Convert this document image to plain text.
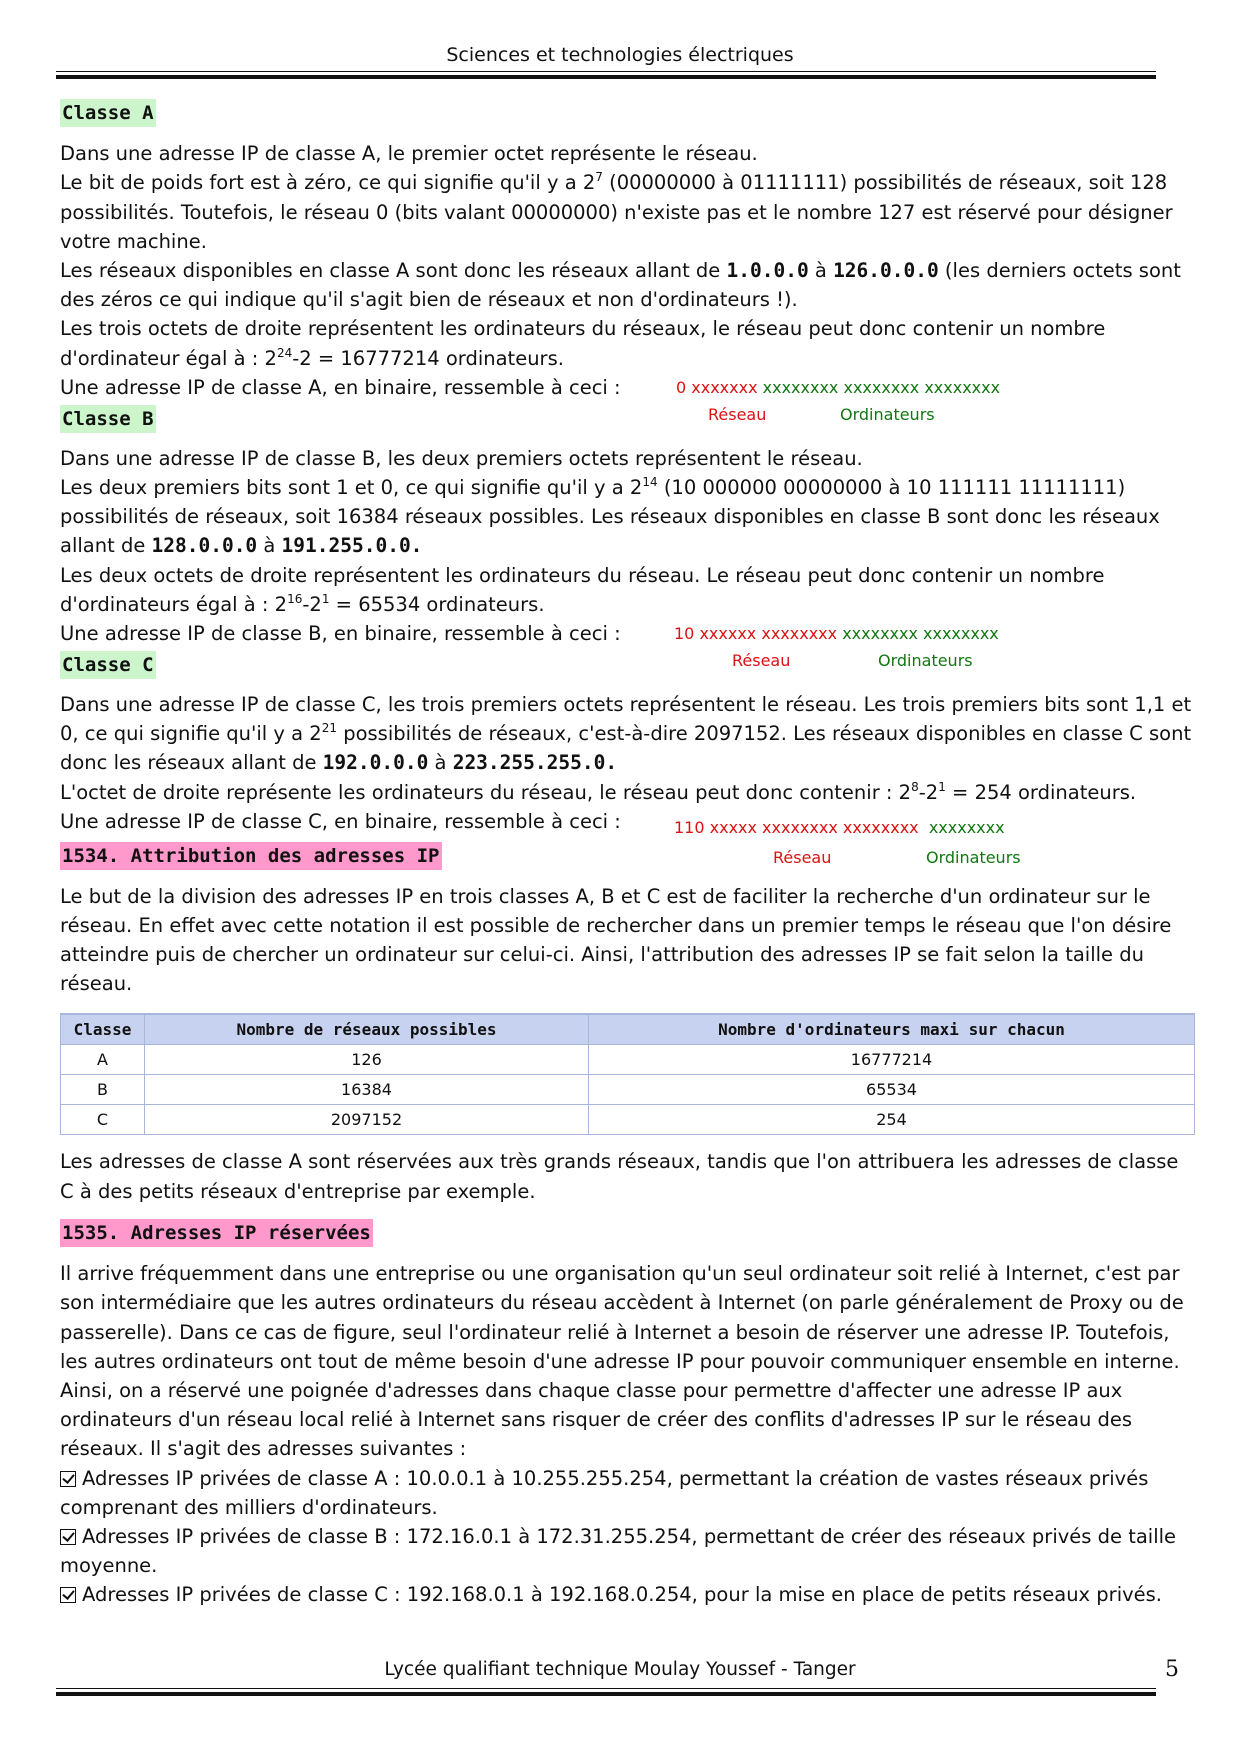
Sciences et technologies électriques
Classe A

Dans une adresse IP de classe A, le premier octet représente le réseau.

Le bit de poids fort est à zéro, ce qui signifie qu'il y a $2^7$ (00000000 à 01111111) possibilités de réseaux, soit 128 possibilités. Toutefois, le réseau 0 (bits valant 00000000) n'existe pas et le nombre 127 est réservé pour désigner votre machine.

Les réseaux disponibles en classe A sont donc les réseaux allant de 1.0.0.0 à 126.0.0.0 (les derniers octets sont des zéros ce qui indique qu'il s'agit bien de réseaux et non d'ordinateurs !).

Les trois octets de droite représentent les ordinateurs du réseaux, le réseau peut donc contenir un nombre d'ordinateur égal à : $2^{24}-2 = 16777214$ ordinateurs.

Une adresse IP de classe A, en binaire, ressemble à ceci :	0 xxxxxxx xxxxxxxx xxxxxxxx xxxxxxxx
Classe B	Réseau	Ordinateurs

Dans une adresse IP de classe B, les deux premiers octets représentent le réseau.

Les deux premiers bits sont 1 et 0, ce qui signifie qu'il y a $2^{14}$ (10 000000 00000000 à 10 111111 11111111) possibilités de réseaux, soit 16384 réseaux possibles. Les réseaux disponibles en classe B sont donc les réseaux allant de 128.0.0.0 à 191.255.0.0.

Les deux octets de droite représentent les ordinateurs du réseau. Le réseau peut donc contenir un nombre d'ordinateurs égal à : $2^{16}-2^1 = 65534$ ordinateurs.

Une adresse IP de classe B, en binaire, ressemble à ceci :	10 xxxxxx xxxxxxxx xxxxxxxx xxxxxxxx
Classe C	Réseau	Ordinateurs

Dans une adresse IP de classe C, les trois premiers octets représentent le réseau. Les trois premiers bits sont 1,1 et 0, ce qui signifie qu'il y a $2^{21}$ possibilités de réseaux, c'est-à-dire 2097152. Les réseaux disponibles en classe C sont donc les réseaux allant de 192.0.0.0 à 223.255.255.0.

L'octet de droite représente les ordinateurs du réseau, le réseau peut donc contenir : $2^8-2^1 = 254$ ordinateurs.

Une adresse IP de classe C, en binaire, ressemble à ceci :	110 xxxxx xxxxxxxx xxxxxxxx xxxxxxxx
1534. Attribution des adresses IP	Réseau	Ordinateurs

Le but de la division des adresses IP en trois classes A, B et C est de faciliter la recherche d'un ordinateur sur le réseau. En effet avec cette notation il est possible de rechercher dans un premier temps le réseau que l'on désire atteindre puis de chercher un ordinateur sur celui-ci. Ainsi, l'attribution des adresses IP se fait selon la taille du réseau.

Classe	Nombre de réseaux possibles	Nombre d'ordinateurs maxi sur chacun
A	126	16777214
B	16384	65534
C	2097152	254

Les adresses de classe A sont réservées aux très grands réseaux, tandis que l'on attribuera les adresses de classe C à des petits réseaux d'entreprise par exemple.

1535. Adresses IP réservées

Il arrive fréquemment dans une entreprise ou une organisation qu'un seul ordinateur soit relié à Internet, c'est par son intermédiaire que les autres ordinateurs du réseau accèdent à Internet (on parle généralement de Proxy ou de passerelle). Dans ce cas de figure, seul l'ordinateur relié à Internet a besoin de réserver une adresse IP. Toutefois, les autres ordinateurs ont tout de même besoin d'une adresse IP pour pouvoir communiquer ensemble en interne. Ainsi, on a réservé une poignée d'adresses dans chaque classe pour permettre d'affecter une adresse IP aux ordinateurs d'un réseau local relié à Internet sans risquer de créer des conflits d'adresses IP sur le réseau des réseaux. Il s'agit des adresses suivantes :

Adresses IP privées de classe A : 10.0.0.1 à 10.255.255.254, permettant la création de vastes réseaux privés comprenant des milliers d'ordinateurs.

Adresses IP privées de classe B : 172.16.0.1 à 172.31.255.254, permettant de créer des réseaux privés de taille moyenne.

Adresses IP privées de classe C : 192.168.0.1 à 192.168.0.254, pour la mise en place de petits réseaux privés.

Lycée qualifiant technique Moulay Youssef - Tanger	5
